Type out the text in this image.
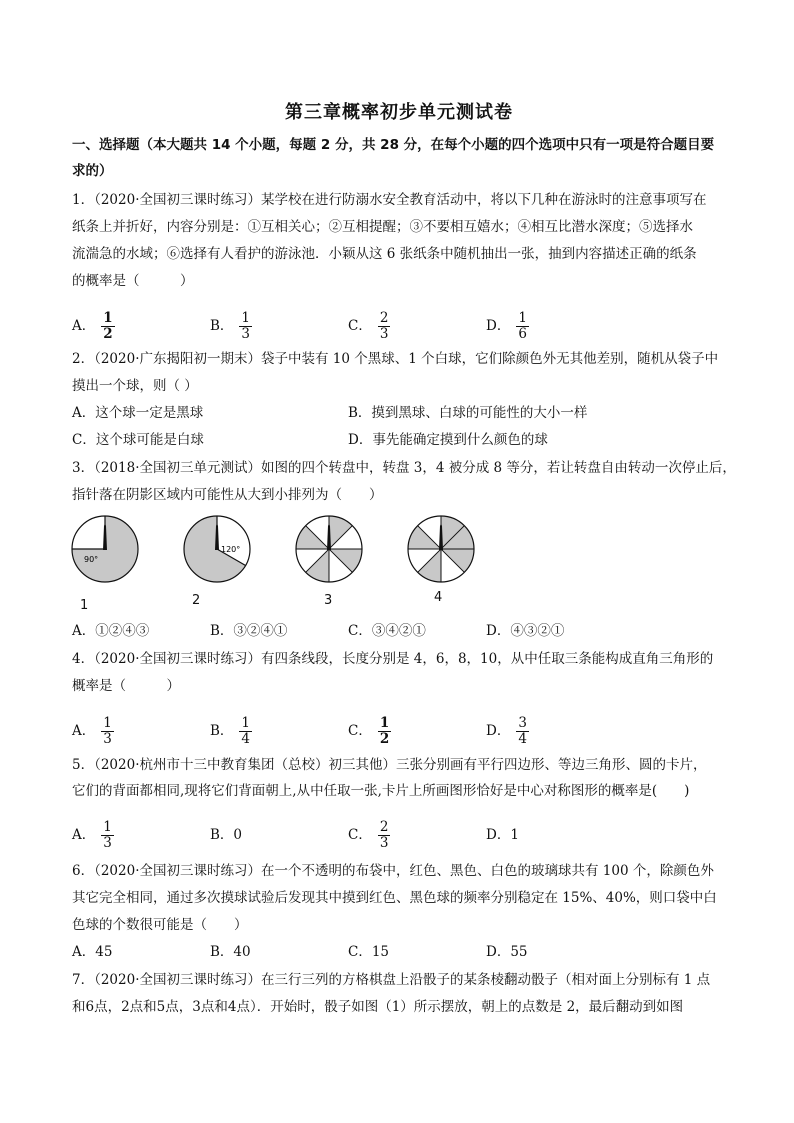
第三章概率初步单元测试卷
一、选择题（本大题共 14 个小题，每题 2 分，共 28 分，在每个小题的四个选项中只有一项是符合题目要
求的）
1．（2020·全国初三课时练习）某学校在进行防溺水安全教育活动中，将以下几种在游泳时的注意事项写在
纸条上并折好，内容分别是：①互相关心；②互相提醒；③不要相互嬉水；④相互比潜水深度；⑤选择水
流湍急的水域；⑥选择有人看护的游泳池．小颖从这 6 张纸条中随机抽出一张，抽到内容描述正确的纸条
的概率是（　　　）
A． $\frac{1}{2}$	B． $\frac{1}{3}$	C． $\frac{2}{3}$	D． $\frac{1}{6}$
2．（2020·广东揭阳初一期末）袋子中装有 10 个黑球、1 个白球，它们除颜色外无其他差别，随机从袋子中
摸出一个球，则（ ）
A．这个球一定是黑球	B．摸到黑球、白球的可能性的大小一样
C．这个球可能是白球	D．事先能确定摸到什么颜色的球
3．（2018·全国初三单元测试）如图的四个转盘中，转盘 3，4 被分成 8 等分，若让转盘自由转动一次停止后，
指针落在阴影区域内可能性从大到小排列为（　　）
90°
1
120°
2	3	4
A．①②④③	B．③②④①	C．③④②①	D．④③②①
4．（2020·全国初三课时练习）有四条线段，长度分别是 4，6，8，10，从中任取三条能构成直角三角形的
概率是（　　　）
A． $\frac{1}{3}$	B． $\frac{1}{4}$	C． $\frac{1}{2}$	D． $\frac{3}{4}$
5．（2020·杭州市十三中教育集团（总校）初三其他）三张分别画有平行四边形、等边三角形、圆的卡片，
它们的背面都相同,现将它们背面朝上,从中任取一张,卡片上所画图形恰好是中心对称图形的概率是(　　)
A． $\frac{1}{3}$	B．0	C． $\frac{2}{3}$	D．1
6．（2020·全国初三课时练习）在一个不透明的布袋中，红色、黑色、白色的玻璃球共有 100 个，除颜色外
其它完全相同，通过多次摸球试验后发现其中摸到红色、黑色球的频率分别稳定在 15%、40%，则口袋中白
色球的个数很可能是（　　）
A．45	B．40	C．15	D．55
7．（2020·全国初三课时练习）在三行三列的方格棋盘上沿骰子的某条棱翻动骰子（相对面上分别标有 1 点
和6点，2点和5点，3点和4点）．开始时，骰子如图（1）所示摆放，朝上的点数是 2，最后翻动到如图
